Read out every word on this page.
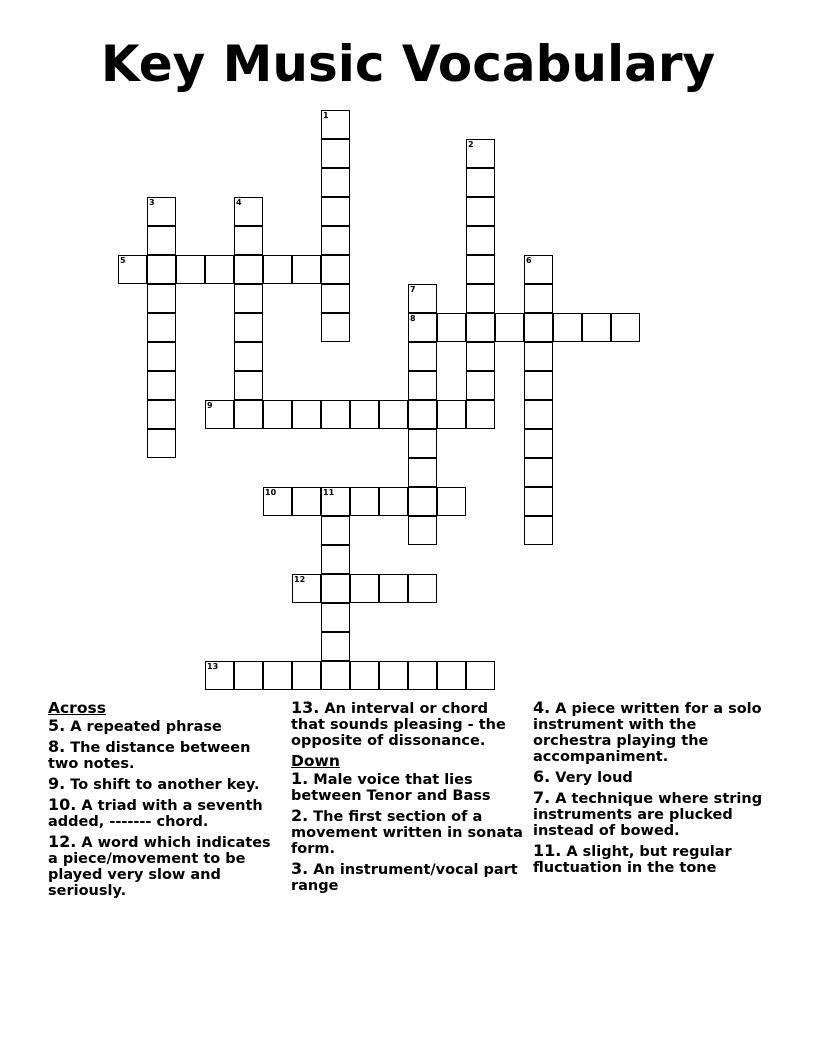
Key Music Vocabulary
1
2
3	4
5	6
7
8
9
10	11
12
13
Across
5. A repeated phrase
8. The distance between two notes.
9. To shift to another key.
10. A triad with a seventh added, ------- chord.
12. A word which indicates a piece/movement to be played very slow and seriously.
13. An interval or chord that sounds pleasing - the opposite of dissonance.
Down
1. Male voice that lies between Tenor and Bass
2. The first section of a movement written in sonata form.
3. An instrument/vocal part range
4. A piece written for a solo instrument with the orchestra playing the accompaniment.
6. Very loud
7. A technique where string instruments are plucked instead of bowed.
11. A slight, but regular fluctuation in the tone
